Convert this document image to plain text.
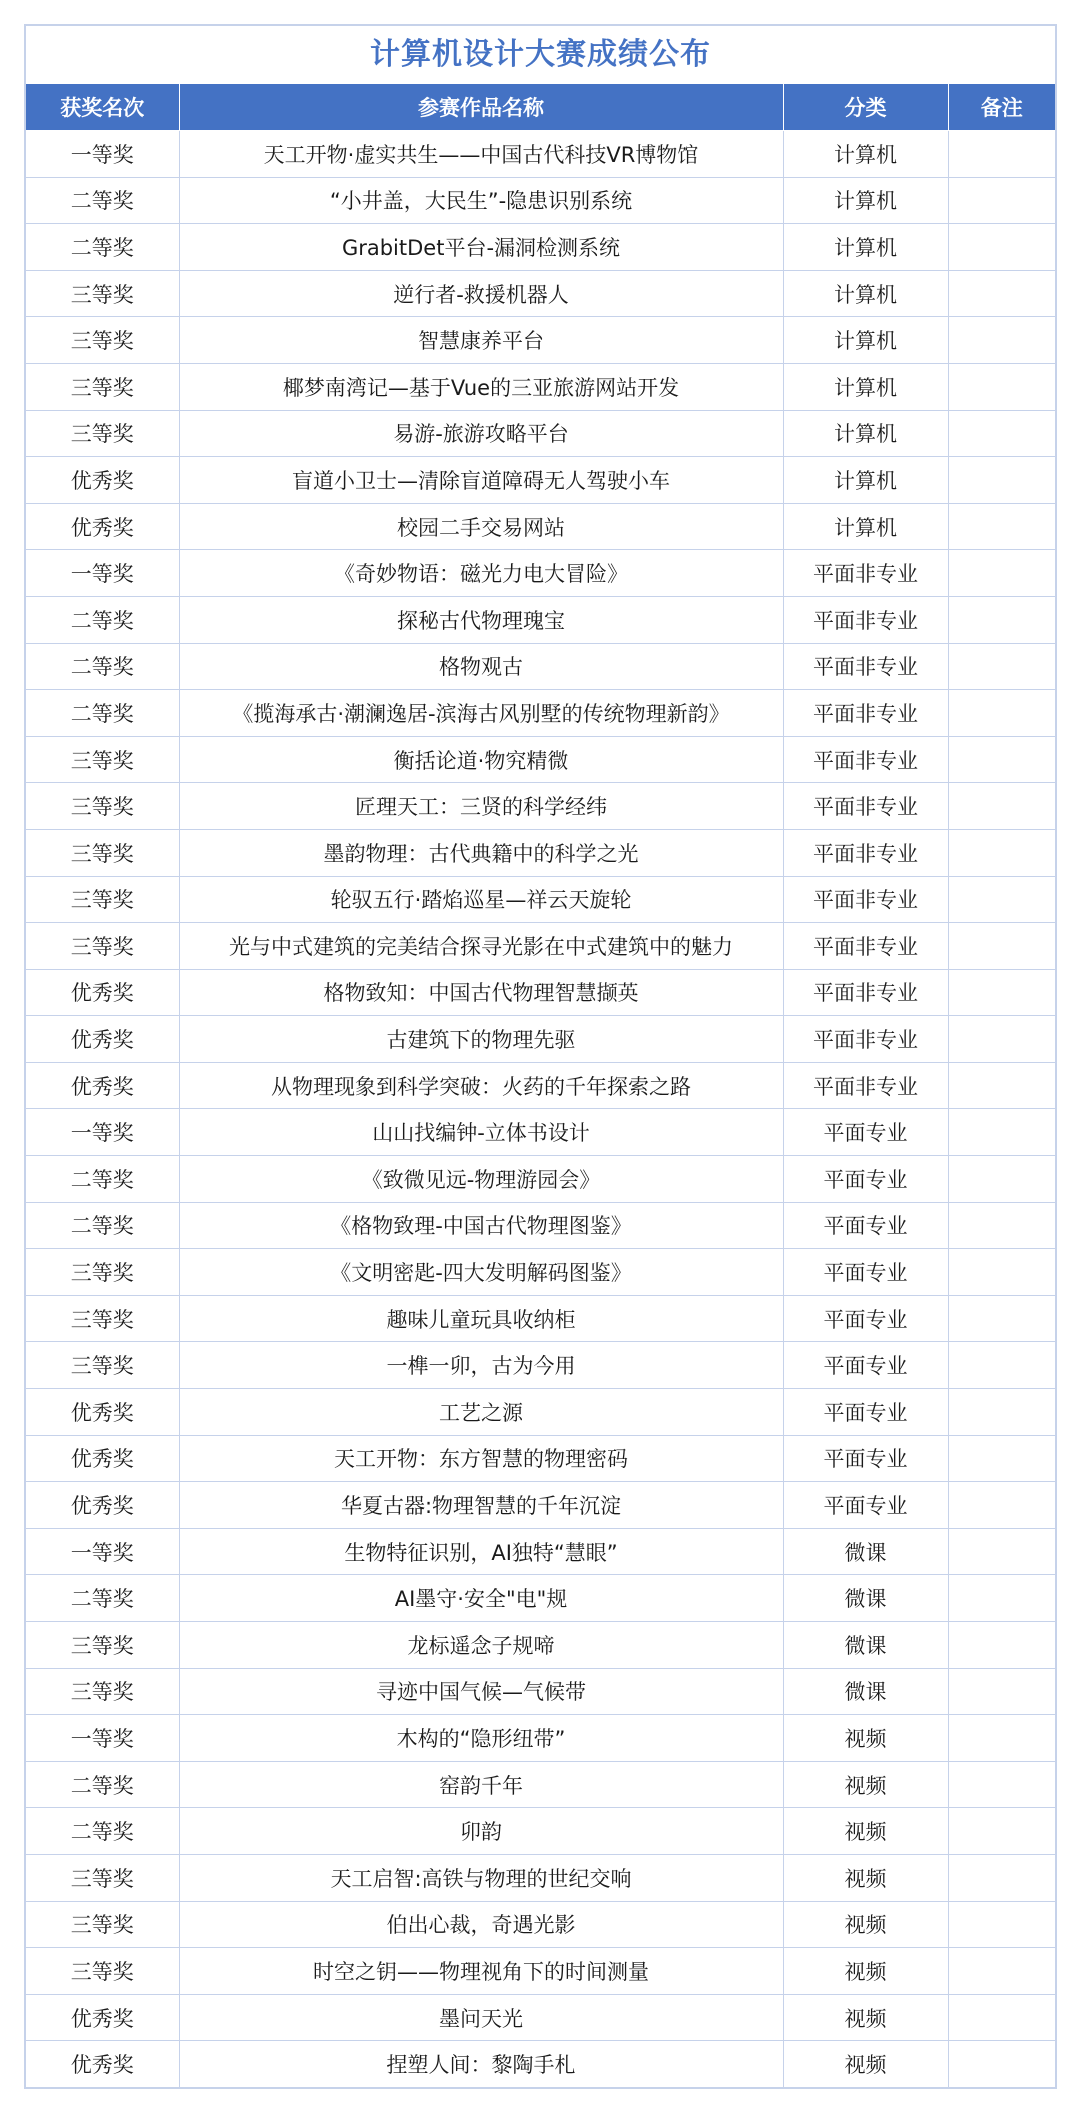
计算机设计大赛成绩公布
获奖名次	参赛作品名称	分类	备注
一等奖	天工开物·虚实共生——中国古代科技VR博物馆	计算机	
二等奖	“小井盖，大民生”-隐患识别系统	计算机	
二等奖	GrabitDet平台-漏洞检测系统	计算机	
三等奖	逆行者-救援机器人	计算机	
三等奖	智慧康养平台	计算机	
三等奖	椰梦南湾记—基于Vue的三亚旅游网站开发	计算机	
三等奖	易游-旅游攻略平台	计算机	
优秀奖	盲道小卫士—清除盲道障碍无人驾驶小车	计算机	
优秀奖	校园二手交易网站	计算机	
一等奖	《奇妙物语：磁光力电大冒险》	平面非专业	
二等奖	探秘古代物理瑰宝	平面非专业	
二等奖	格物观古	平面非专业	
二等奖	《揽海承古·潮澜逸居-滨海古风别墅的传统物理新韵》	平面非专业	
三等奖	衡括论道·物究精微	平面非专业	
三等奖	匠理天工：三贤的科学经纬	平面非专业	
三等奖	墨韵物理：古代典籍中的科学之光	平面非专业	
三等奖	轮驭五行·踏焰巡星—祥云天旋轮	平面非专业	
三等奖	光与中式建筑的完美结合探寻光影在中式建筑中的魅力	平面非专业	
优秀奖	格物致知：中国古代物理智慧撷英	平面非专业	
优秀奖	古建筑下的物理先驱	平面非专业	
优秀奖	从物理现象到科学突破：火药的千年探索之路	平面非专业	
一等奖	山山找编钟-立体书设计	平面专业	
二等奖	《致微见远-物理游园会》	平面专业	
二等奖	《格物致理-中国古代物理图鉴》	平面专业	
三等奖	《文明密匙-四大发明解码图鉴》	平面专业	
三等奖	趣味儿童玩具收纳柜	平面专业	
三等奖	一榫一卯，古为今用	平面专业	
优秀奖	工艺之源	平面专业	
优秀奖	天工开物：东方智慧的物理密码	平面专业	
优秀奖	华夏古器:物理智慧的千年沉淀	平面专业	
一等奖	生物特征识别，AI独特“慧眼”	微课	
二等奖	AI墨守·安全"电"规	微课	
三等奖	龙标遥念子规啼	微课	
三等奖	寻迹中国气候—气候带	微课	
一等奖	木构的“隐形纽带”	视频	
二等奖	窑韵千年	视频	
二等奖	卯韵	视频	
三等奖	天工启智:高铁与物理的世纪交响	视频	
三等奖	伯出心裁，奇遇光影	视频	
三等奖	时空之钥——物理视角下的时间测量	视频	
优秀奖	墨问天光	视频	
优秀奖	捏塑人间：黎陶手札	视频	
